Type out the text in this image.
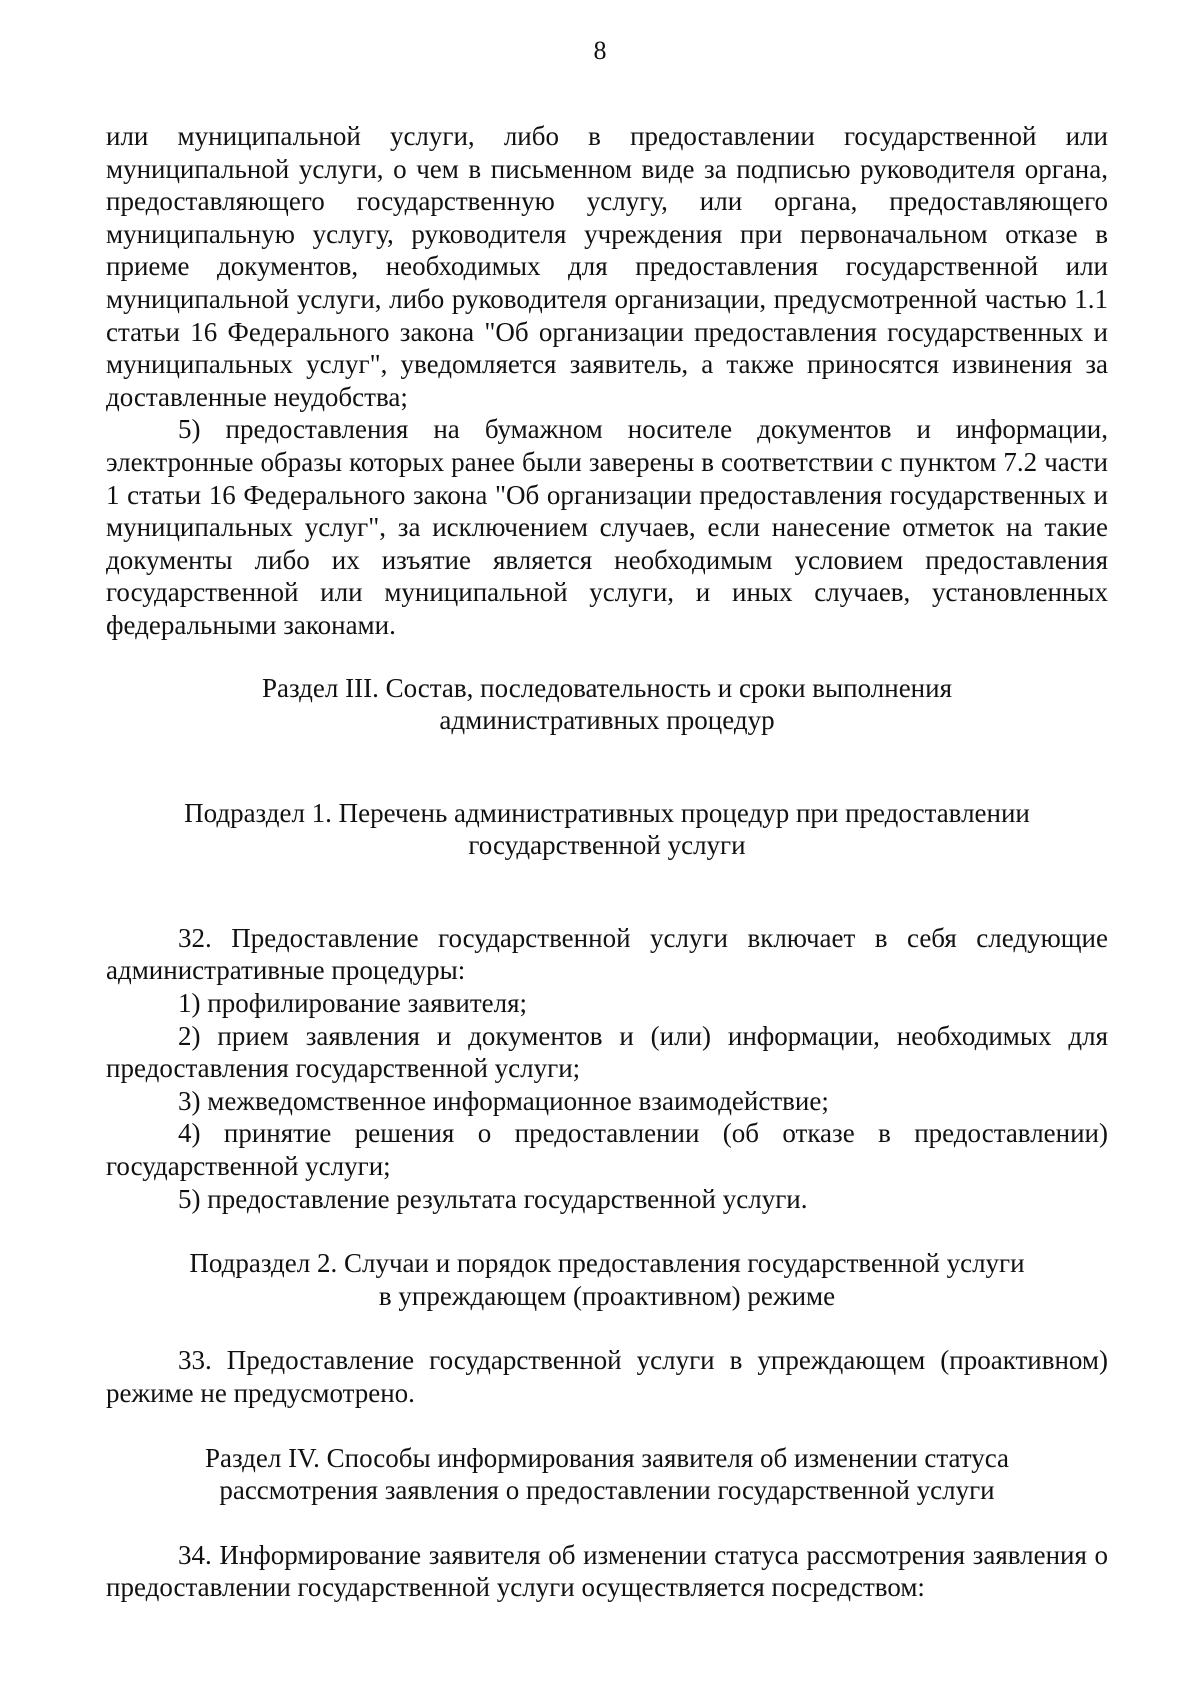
8

или муниципальной услуги, либо в предоставлении государственной или муниципальной услуги, о чем в письменном виде за подписью руководителя органа, предоставляющего государственную услугу, или органа, предоставляющего муниципальную услугу, руководителя учреждения при первоначальном отказе в приеме документов, необходимых для предоставления государственной или муниципальной услуги, либо руководителя организации, предусмотренной частью 1.1 статьи 16 Федерального закона "Об организации предоставления государственных и муниципальных услуг", уведомляется заявитель, а также приносятся извинения за доставленные неудобства;

5) предоставления на бумажном носителе документов и информации, электронные образы которых ранее были заверены в соответствии с пунктом 7.2 части 1 статьи 16 Федерального закона "Об организации предоставления государственных и муниципальных услуг", за исключением случаев, если нанесение отметок на такие документы либо их изъятие является необходимым условием предоставления государственной или муниципальной услуги, и иных случаев, установленных федеральными законами.

Раздел III. Состав, последовательность и сроки выполнения

административных процедур

Подраздел 1. Перечень административных процедур при предоставлении

государственной услуги

32. Предоставление государственной услуги включает в себя следующие административные процедуры:

1) профилирование заявителя;

2) прием заявления и документов и (или) информации, необходимых для предоставления государственной услуги;

3) межведомственное информационное взаимодействие;

4) принятие решения о предоставлении (об отказе в предоставлении) государственной услуги;

5) предоставление результата государственной услуги.

Подраздел 2. Случаи и порядок предоставления государственной услуги

в упреждающем (проактивном) режиме

33. Предоставление государственной услуги в упреждающем (проактивном) режиме не предусмотрено.

Раздел IV. Способы информирования заявителя об изменении статуса

рассмотрения заявления о предоставлении государственной услуги

34. Информирование заявителя об изменении статуса рассмотрения заявления о предоставлении государственной услуги осуществляется посредством:
